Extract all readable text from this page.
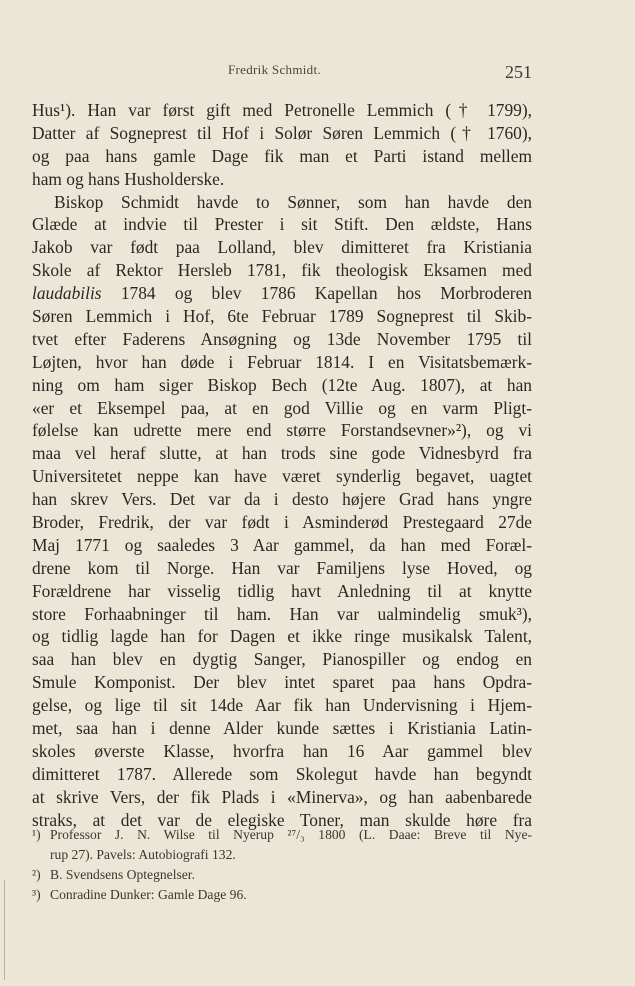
Fredrik Schmidt.	251
Hus¹). Han var først gift med Petronelle Lemmich († 1799),
Datter af Sogneprest til Hof i Solør Søren Lemmich († 1760),
og paa hans gamle Dage fik man et Parti istand mellem
ham og hans Husholderske.
Biskop Schmidt havde to Sønner, som han havde den
Glæde at indvie til Prester i sit Stift. Den ældste, Hans
Jakob var født paa Lolland, blev dimitteret fra Kristiania
Skole af Rektor Hersleb 1781, fik theologisk Eksamen med
laudabilis 1784 og blev 1786 Kapellan hos Morbroderen
Søren Lemmich i Hof, 6te Februar 1789 Sogneprest til Skib-
tvet efter Faderens Ansøgning og 13de November 1795 til
Løjten, hvor han døde i Februar 1814. I en Visitatsbemærk-
ning om ham siger Biskop Bech (12te Aug. 1807), at han
«er et Eksempel paa, at en god Villie og en varm Pligt-
følelse kan udrette mere end større Forstandsevner»²), og vi
maa vel heraf slutte, at han trods sine gode Vidnesbyrd fra
Universitetet neppe kan have været synderlig begavet, uagtet
han skrev Vers. Det var da i desto højere Grad hans yngre
Broder, Fredrik, der var født i Asminderød Prestegaard 27de
Maj 1771 og saaledes 3 Aar gammel, da han med Foræl-
drene kom til Norge. Han var Familjens lyse Hoved, og
Forældrene har visselig tidlig havt Anledning til at knytte
store Forhaabninger til ham. Han var ualmindelig smuk³),
og tidlig lagde han for Dagen et ikke ringe musikalsk Talent,
saa han blev en dygtig Sanger, Pianospiller og endog en
Smule Komponist. Der blev intet sparet paa hans Opdra-
gelse, og lige til sit 14de Aar fik han Undervisning i Hjem-
met, saa han i denne Alder kunde sættes i Kristiania Latin-
skoles øverste Klasse, hvorfra han 16 Aar gammel blev
dimitteret 1787. Allerede som Skolegut havde han begyndt
at skrive Vers, der fik Plads i «Minerva», og han aabenbarede
straks, at det var de elegiske Toner, man skulde høre fra
¹) Professor J. N. Wilse til Nyerup ²⁷/₃ 1800 (L. Daae: Breve til Nye-
rup 27). Pavels: Autobiografi 132.
²) B. Svendsens Optegnelser.
³) Conradine Dunker: Gamle Dage 96.
